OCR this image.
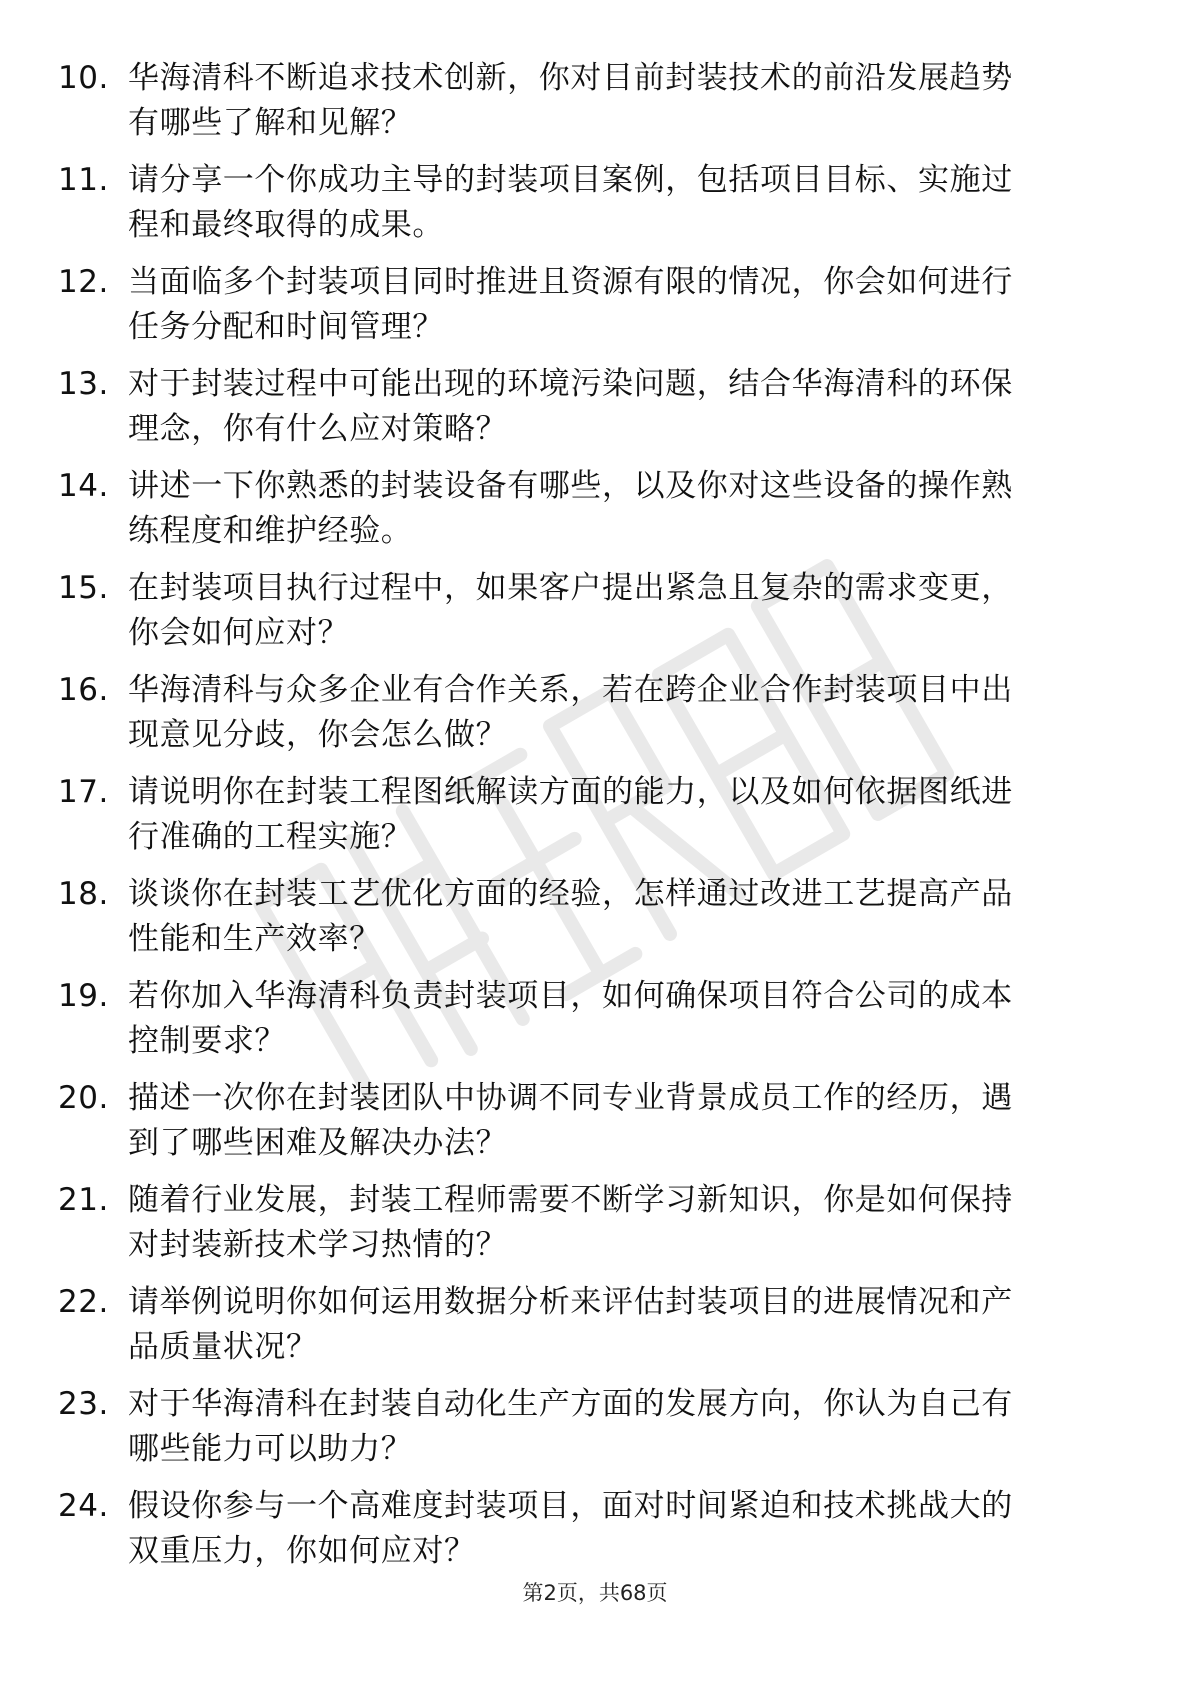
10. 华海清科不断追求技术创新，你对目前封装技术的前沿发展趋势
有哪些了解和见解？
11. 请分享一个你成功主导的封装项目案例，包括项目目标、实施过
程和最终取得的成果。
12. 当面临多个封装项目同时推进且资源有限的情况，你会如何进行
任务分配和时间管理？
13. 对于封装过程中可能出现的环境污染问题，结合华海清科的环保
理念，你有什么应对策略？
14. 讲述一下你熟悉的封装设备有哪些，以及你对这些设备的操作熟
练程度和维护经验。
15. 在封装项目执行过程中，如果客户提出紧急且复杂的需求变更，
你会如何应对？
16. 华海清科与众多企业有合作关系，若在跨企业合作封装项目中出
现意见分歧，你会怎么做？
17. 请说明你在封装工程图纸解读方面的能力，以及如何依据图纸进
行准确的工程实施？
18. 谈谈你在封装工艺优化方面的经验，怎样通过改进工艺提高产品
性能和生产效率？
19. 若你加入华海清科负责封装项目，如何确保项目符合公司的成本
控制要求？
20. 描述一次你在封装团队中协调不同专业背景成员工作的经历，遇
到了哪些困难及解决办法？
21. 随着行业发展，封装工程师需要不断学习新知识，你是如何保持
对封装新技术学习热情的？
22. 请举例说明你如何运用数据分析来评估封装项目的进展情况和产
品质量状况？
23. 对于华海清科在封装自动化生产方面的发展方向，你认为自己有
哪些能力可以助力？
24. 假设你参与一个高难度封装项目，面对时间紧迫和技术挑战大的
双重压力，你如何应对？
第2页，共68页
